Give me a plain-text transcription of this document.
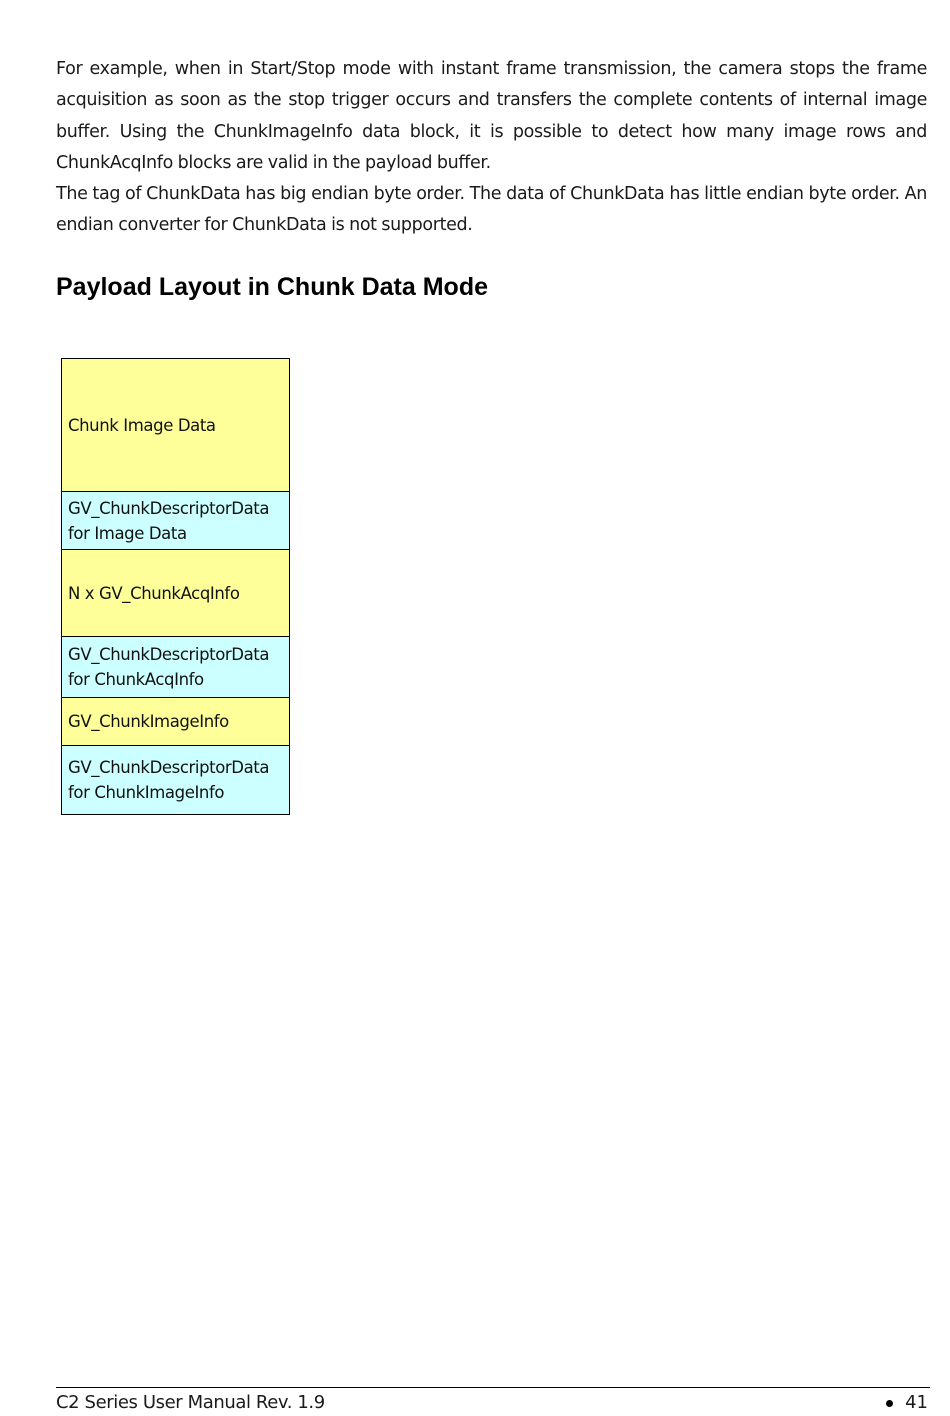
For example, when in Start/Stop mode with instant frame transmission, the camera stops the frame acquisition as soon as the stop trigger occurs and transfers the complete contents of internal image buffer. Using the ChunkImageInfo data block, it is possible to detect how many image rows and ChunkAcqInfo blocks are valid in the payload buffer.

The tag of ChunkData has big endian byte order. The data of ChunkData has little endian byte order. An endian converter for ChunkData is not supported.

Payload Layout in Chunk Data Mode
Chunk Image Data
GV_ChunkDescriptorData for Image Data
N x GV_ChunkAcqInfo
GV_ChunkDescriptorData for ChunkAcqInfo
GV_ChunkImageInfo
GV_ChunkDescriptorData for ChunkImageInfo
C2 Series User Manual Rev. 1.9	41
